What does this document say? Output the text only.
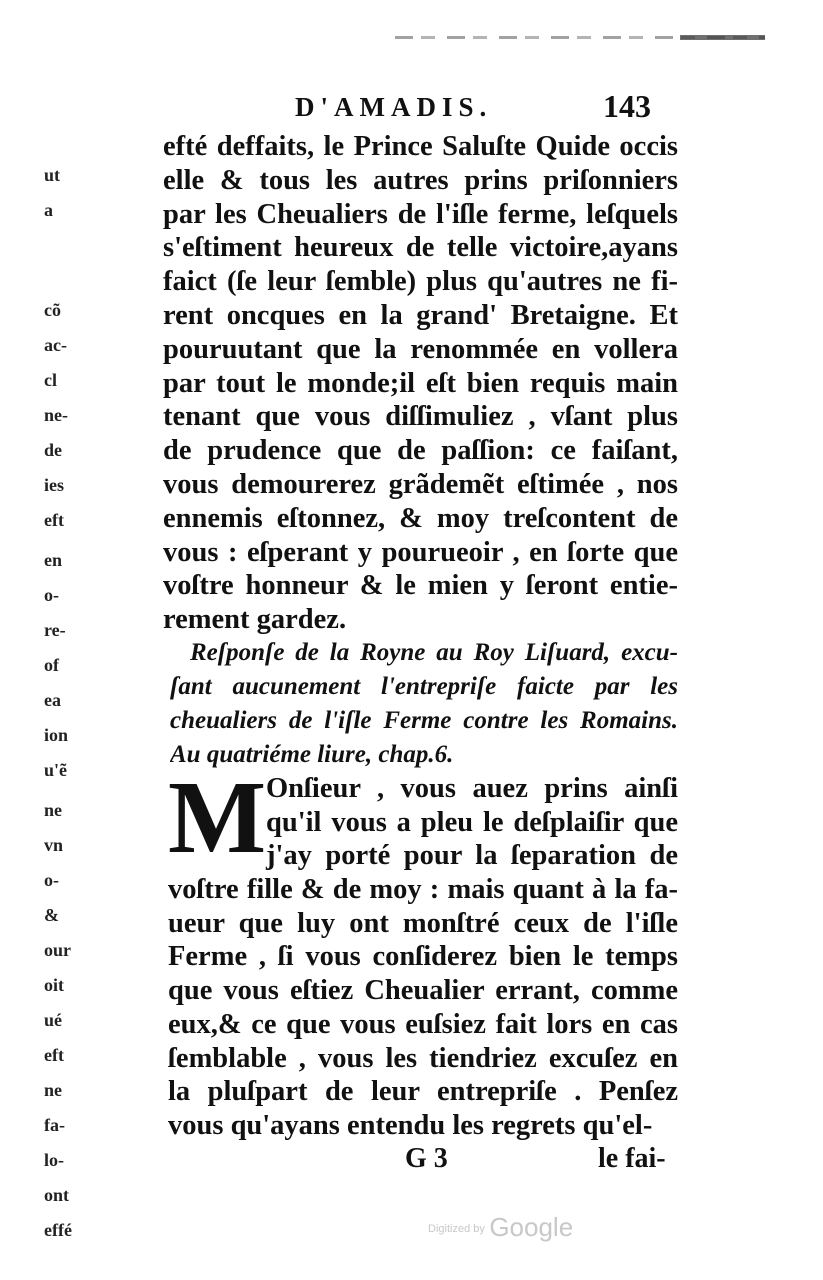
D'AMADIS.	143
ut
a
cõ
ac-
cl
ne-
de
ies
eft
en
o-
re-
of
ea
ion
u'ẽ
ne
vn
o-
&
our
oit
ué
eft
ne
fa-
lo-
ont
effé
efté deffaits, le Prince Saluſte Quide occis
elle & tous les autres prins priſonniers
par les Cheualiers de l'iſle ferme, leſquels
s'eſtiment heureux de telle victoire,ayans
faict (ſe leur ſemble) plus qu'autres ne fi-
rent oncques en la grand' Bretaigne. Et
pouruutant que la renommée en vollera
par tout le monde;il eſt bien requis main
tenant que vous diſſimuliez , vſant plus
de prudence que de paſſion: ce faiſant,
vous demourerez grãdemẽt eſtimée , nos
ennemis eſtonnez, & moy treſcontent de
vous : eſperant y pourueoir , en ſorte que
voſtre honneur & le mien y ſeront entie-
rement gardez.
Reſponſe de la Royne au Roy Liſuard, excu-
ſant aucunement l'entrepriſe faicte par les
cheualiers de l'iſle Ferme contre les Romains.
Au quatriéme liure, chap.6.
M Onſieur , vous auez prins ainſi
qu'il vous a pleu le deſplaiſir que
j'ay porté pour la ſeparation de
voſtre fille & de moy : mais quant à la fa-
ueur que luy ont monſtré ceux de l'iſle
Ferme , ſi vous conſiderez bien le temps
que vous eſtiez Cheualier errant, comme
eux,& ce que vous euſsiez fait lors en cas
ſemblable , vous les tiendriez excuſez en
la pluſpart de leur entrepriſe . Penſez
vous qu'ayans entendu les regrets qu'el-
G 3	le fai-
$^{Digitized by}$ Google
